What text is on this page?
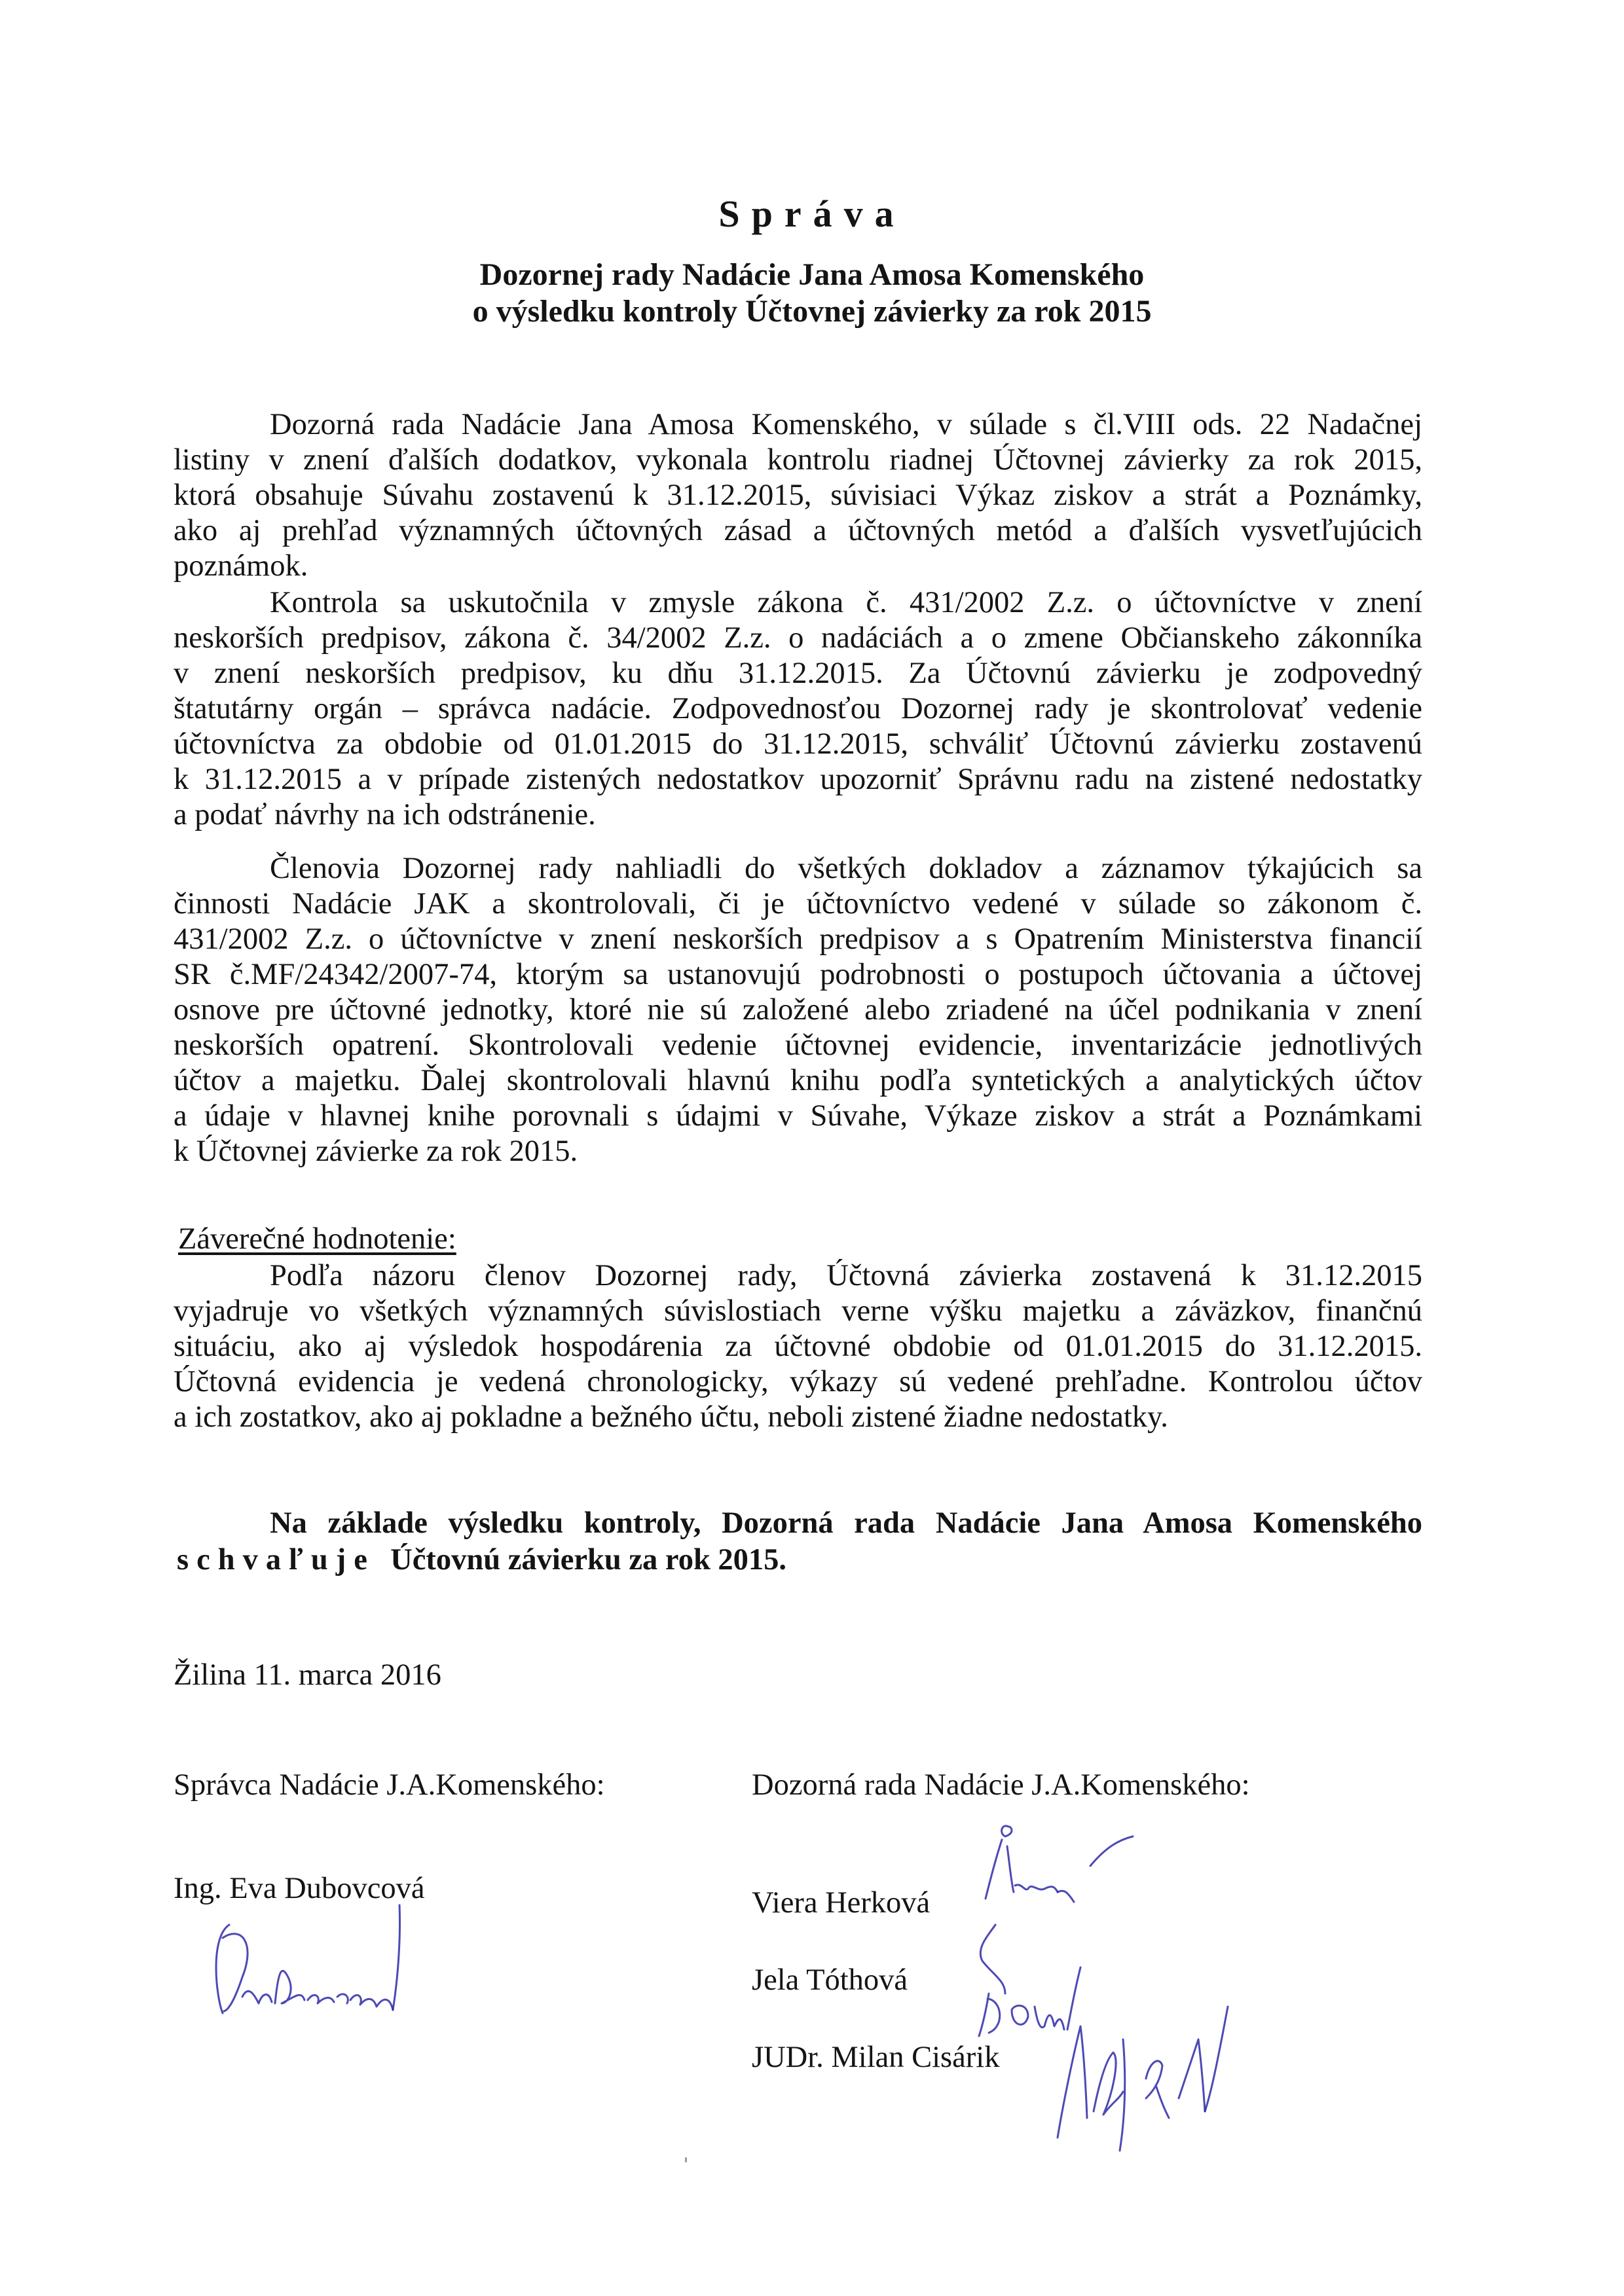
Správa
Dozornej rady Nadácie Jana Amosa Komenského
o výsledku kontroly Účtovnej závierky za rok 2015
Dozorná rada Nadácie Jana Amosa Komenského, v súlade s čl.VIII ods. 22 Nadačnej
listiny v znení ďalších dodatkov, vykonala kontrolu riadnej Účtovnej závierky za rok 2015,
ktorá obsahuje Súvahu zostavenú k 31.12.2015, súvisiaci Výkaz ziskov a strát a Poznámky,
ako aj prehľad významných účtovných zásad a účtovných metód a ďalších vysvetľujúcich
poznámok.
Kontrola sa uskutočnila v zmysle zákona č. 431/2002 Z.z. o účtovníctve v znení
neskorších predpisov, zákona č. 34/2002 Z.z. o nadáciách a o zmene Občianskeho zákonníka
v znení neskorších predpisov, ku dňu 31.12.2015. Za Účtovnú závierku je zodpovedný
štatutárny orgán – správca nadácie. Zodpovednosťou Dozornej rady je skontrolovať vedenie
účtovníctva za obdobie od 01.01.2015 do 31.12.2015, schváliť Účtovnú závierku zostavenú
k 31.12.2015 a v prípade zistených nedostatkov upozorniť Správnu radu na zistené nedostatky
a podať návrhy na ich odstránenie.
Členovia Dozornej rady nahliadli do všetkých dokladov a záznamov týkajúcich sa
činnosti Nadácie JAK a skontrolovali, či je účtovníctvo vedené v súlade so zákonom č.
431/2002 Z.z. o účtovníctve v znení neskorších predpisov a s Opatrením Ministerstva financií
SR č.MF/24342/2007-74, ktorým sa ustanovujú podrobnosti o postupoch účtovania a účtovej
osnove pre účtovné jednotky, ktoré nie sú založené alebo zriadené na účel podnikania v znení
neskorších opatrení. Skontrolovali vedenie účtovnej evidencie, inventarizácie jednotlivých
účtov a majetku. Ďalej skontrolovali hlavnú knihu podľa syntetických a analytických účtov
a údaje v hlavnej knihe porovnali s údajmi v Súvahe, Výkaze ziskov a strát a Poznámkami
k Účtovnej závierke za rok 2015.
Záverečné hodnotenie:
Podľa názoru členov Dozornej rady, Účtovná závierka zostavená k 31.12.2015
vyjadruje vo všetkých významných súvislostiach verne výšku majetku a záväzkov, finančnú
situáciu, ako aj výsledok hospodárenia za účtovné obdobie od 01.01.2015 do 31.12.2015.
Účtovná evidencia je vedená chronologicky, výkazy sú vedené prehľadne. Kontrolou účtov
a ich zostatkov, ako aj pokladne a bežného účtu, neboli zistené žiadne nedostatky.
Na základe výsledku kontroly, Dozorná rada Nadácie Jana Amosa Komenského
schvaľuje Účtovnú závierku za rok 2015.
Žilina 11. marca 2016
Správca Nadácie J.A.Komenského:	Dozorná rada Nadácie J.A.Komenského:
Ing. Eva Dubovcová	Viera Herková
Jela Tóthová
JUDr. Milan Cisárik
